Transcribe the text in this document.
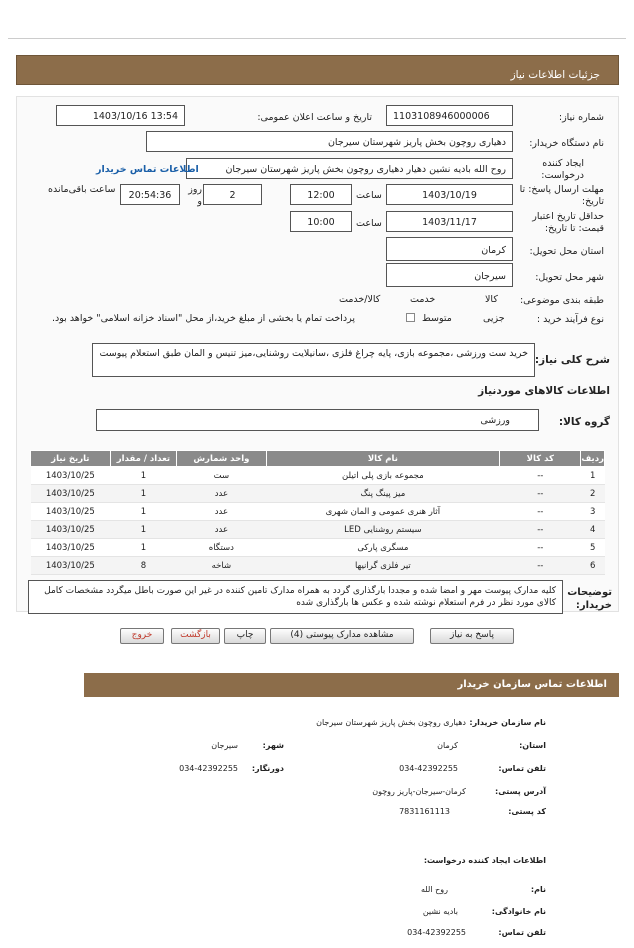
جزئیات اطلاعات نیاز
شماره نیاز:
1103108946000006
تاریخ و ساعت اعلان عمومی:
1403/10/16 13:54
نام دستگاه خریدار:
دهیاری روچون بخش پاریز شهرستان سیرجان
ایجاد کننده درخواست:
روح الله بادیه نشین دهیار دهیاری روچون بخش پاریز شهرستان سیرجان
اطلاعات تماس خریدار
مهلت ارسال پاسخ: تا تاریخ:
1403/10/19
ساعت
12:00
2
روز و
20:54:36
ساعت باقی‌مانده
حداقل تاریخ اعتبار قیمت: تا تاریخ:
1403/11/17
ساعت
10:00
استان محل تحویل:
کرمان
شهر محل تحویل:
سیرجان
طبقه بندی موضوعی:

کالا

خدمت

کالا/خدمت
نوع فرآیند خرید :

جزیی
متوسط
پرداخت تمام یا بخشی از مبلغ خرید،از محل "اسناد خزانه اسلامی" خواهد بود.
شرح کلی نیاز:
خرید ست ورزشی ،مجموعه بازی، پایه چراغ فلزی ،سانیلایت روشنایی،میز تنیس و المان طبق استعلام پیوست
اطلاعات کالاهای موردنیاز
گروه کالا:
ورزشی
ردیف	کد کالا	نام کالا	واحد شمارش	تعداد / مقدار	تاریخ نیاز
1	--	مجموعه بازی پلی اتیلن	ست	1	1403/10/25
2	--	میز پینگ پنگ	عدد	1	1403/10/25
3	--	آثار هنری عمومی و المان شهری	عدد	1	1403/10/25
4	--	سیستم روشنایی LED	عدد	1	1403/10/25
5	--	مسگری پارکی	دستگاه	1	1403/10/25
6	--	تیر فلزی گرانیها	شاخه	8	1403/10/25
توضیحات خریدار:
کلیه مدارک پیوست مهر و امضا شده و مجددا بارگذاری گردد به همراه مدارک تامین کننده در غیر این صورت باطل میگردد مشخصات کامل کالای مورد نظر در فرم استعلام نوشته شده و عکس ها بارگذاری شده
پاسخ به نیاز
مشاهده مدارک پیوستی (4)
چاپ
بازگشت
خروج
اطلاعات تماس سازمان خریدار
نام سازمان خریدار:
دهیاری روچون بخش پاریز شهرستان سیرجان
استان:
کرمان
شهر:
سیرجان
تلفن تماس:
034-42392255
دورنگار:
034-42392255
آدرس پستی:
کرمان-سیرجان-پاریز روچون
کد پستی:
7831161113
اطلاعات ایجاد کننده درخواست:
نام:
روح الله
نام خانوادگی:
بادیه نشین
تلفن تماس:
034-42392255
